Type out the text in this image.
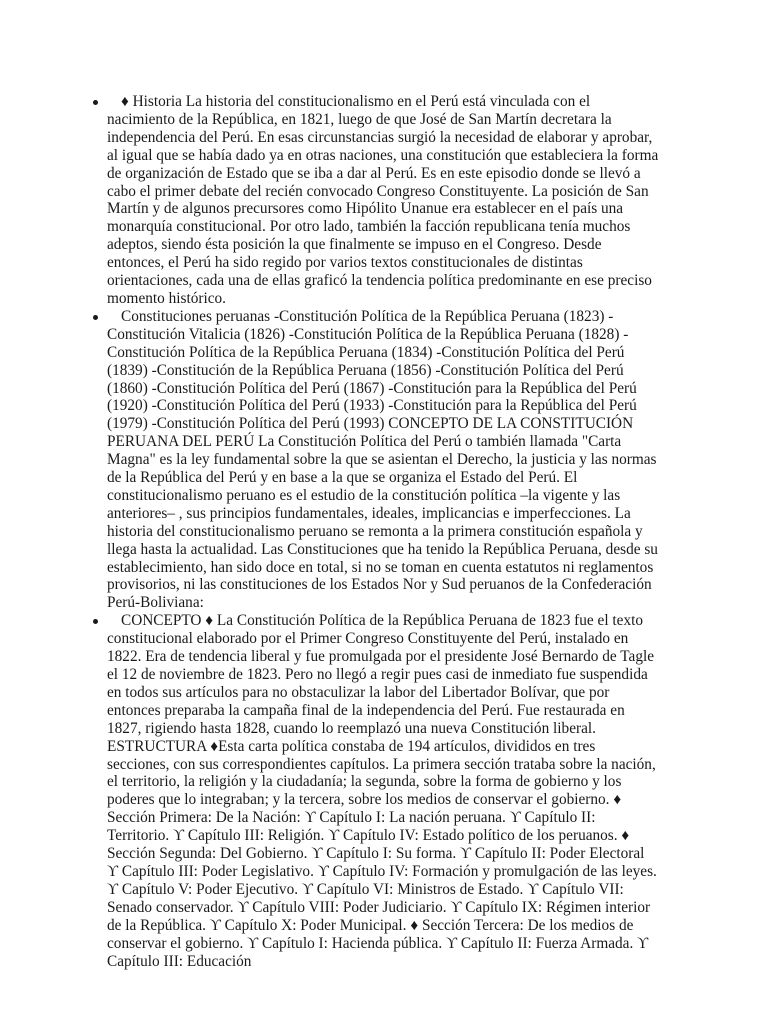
♦ Historia La historia del constitucionalismo en el Perú está vinculada con el nacimiento de la República, en 1821, luego de que José de San Martín decretara la independencia del Perú. En esas circunstancias surgió la necesidad de elaborar y aprobar, al igual que se había dado ya en otras naciones, una constitución que estableciera la forma de organización de Estado que se iba a dar al Perú. Es en este episodio donde se llevó a cabo el primer debate del recién convocado Congreso Constituyente. La posición de San Martín y de algunos precursores como Hipólito Unanue era establecer en el país una monarquía constitucional. Por otro lado, también la facción republicana tenía muchos adeptos, siendo ésta posición la que finalmente se impuso en el Congreso. Desde entonces, el Perú ha sido regido por varios textos constitucionales de distintas orientaciones, cada una de ellas graficó la tendencia política predominante en ese preciso momento histórico.
Constituciones peruanas -Constitución Política de la República Peruana (1823) -Constitución Vitalicia (1826) -Constitución Política de la República Peruana (1828) -Constitución Política de la República Peruana (1834) -Constitución Política del Perú (1839) -Constitución de la República Peruana (1856) -Constitución Política del Perú (1860) -Constitución Política del Perú (1867) -Constitución para la República del Perú (1920) -Constitución Política del Perú (1933) -Constitución para la República del Perú (1979) -Constitución Política del Perú (1993) CONCEPTO DE LA CONSTITUCIÓN PERUANA DEL PERÚ La Constitución Política del Perú o también llamada "Carta Magna" es la ley fundamental sobre la que se asientan el Derecho, la justicia y las normas de la República del Perú y en base a la que se organiza el Estado del Perú. El constitucionalismo peruano es el estudio de la constitución política –la vigente y las anteriores– , sus principios fundamentales, ideales, implicancias e imperfecciones. La historia del constitucionalismo peruano se remonta a la primera constitución española y llega hasta la actualidad. Las Constituciones que ha tenido la República Peruana, desde su establecimiento, han sido doce en total, si no se toman en cuenta estatutos ni reglamentos provisorios, ni las constituciones de los Estados Nor y Sud peruanos de la Confederación Perú-Boliviana:
CONCEPTO ♦ La Constitución Política de la República Peruana de 1823 fue el texto constitucional elaborado por el Primer Congreso Constituyente del Perú, instalado en 1822. Era de tendencia liberal y fue promulgada por el presidente José Bernardo de Tagle el 12 de noviembre de 1823. Pero no llegó a regir pues casi de inmediato fue suspendida en todos sus artículos para no obstaculizar la labor del Libertador Bolívar, que por entonces preparaba la campaña final de la independencia del Perú. Fue restaurada en 1827, rigiendo hasta 1828, cuando lo reemplazó una nueva Constitución liberal. ESTRUCTURA ♦Esta carta política constaba de 194 artículos, divididos en tres secciones, con sus correspondientes capítulos. La primera sección trataba sobre la nación, el territorio, la religión y la ciudadanía; la segunda, sobre la forma de gobierno y los poderes que lo integraban; y la tercera, sobre los medios de conservar el gobierno. ♦ Sección Primera: De la Nación: ϒ Capítulo I: La nación peruana. ϒ Capítulo II: Territorio. ϒ Capítulo III: Religión. ϒ Capítulo IV: Estado político de los peruanos. ♦ Sección Segunda: Del Gobierno. ϒ Capítulo I: Su forma. ϒ Capítulo II: Poder Electoral ϒ Capítulo III: Poder Legislativo. ϒ Capítulo IV: Formación y promulgación de las leyes. ϒ Capítulo V: Poder Ejecutivo. ϒ Capítulo VI: Ministros de Estado. ϒ Capítulo VII: Senado conservador. ϒ Capítulo VIII: Poder Judiciario. ϒ Capítulo IX: Régimen interior de la República. ϒ Capítulo X: Poder Municipal. ♦ Sección Tercera: De los medios de conservar el gobierno. ϒ Capítulo I: Hacienda pública. ϒ Capítulo II: Fuerza Armada. ϒ Capítulo III: Educación
